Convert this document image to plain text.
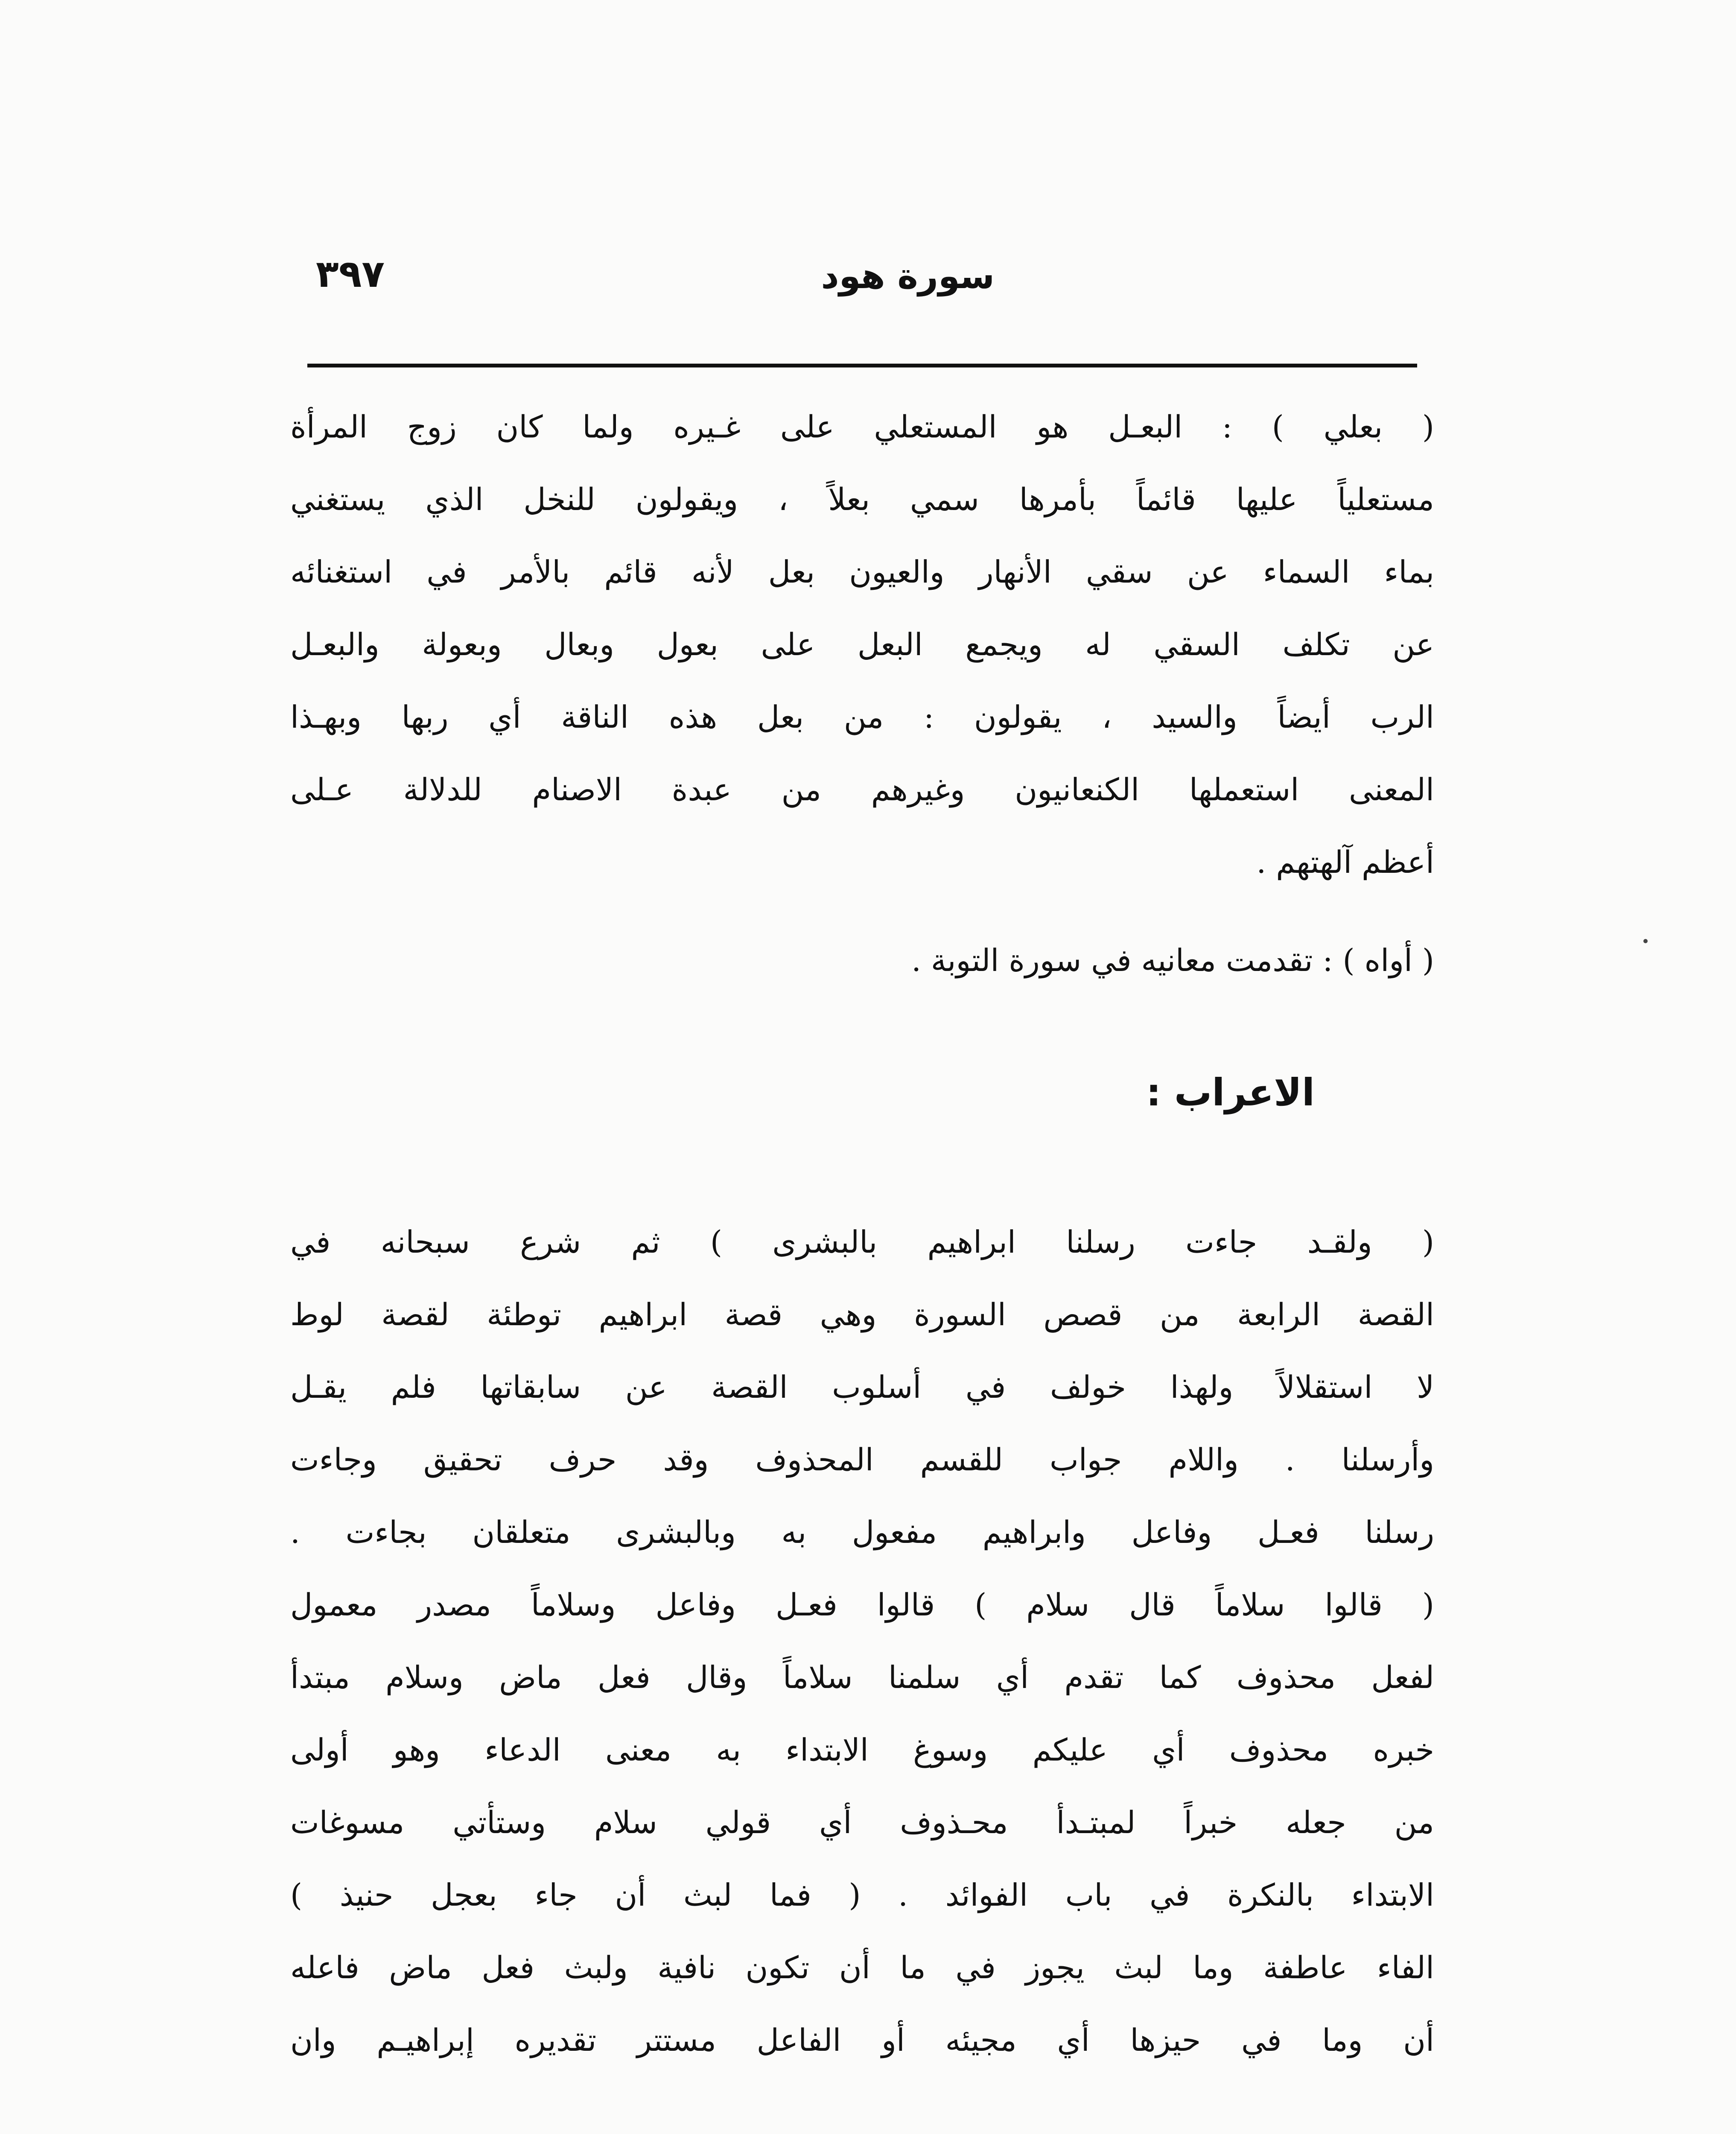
سورة هود
٣٩٧
( بعلي ) : البعـل هو المستعلي على غـيره ولما كان زوج المرأة
مستعلياً عليها قائماً بأمرها سمي بعلاً ، ويقولون للنخل الذي يستغني
بماء السماء عن سقي الأنهار والعيون بعل لأنه قائم بالأمر في استغنائه
عن تكلف السقي له ويجمع البعل على بعول وبعال وبعولة والبعـل
الرب أيضاً والسيد ، يقولون : من بعل هذه الناقة أي ربها وبهـذا
المعنى استعملها الكنعانيون وغيرهم من عبدة الاصنام للدلالة عـلى
أعظم آلهتهم .
( أواه ) : تقدمت معانيه في سورة التوبة .
الاعراب :
( ولقـد جاءت رسلنا ابراهيم بالبشرى ) ثم شرع سبحانه في
القصة الرابعة من قصص السورة وهي قصة ابراهيم توطئة لقصة لوط
لا استقلالاً ولهذا خولف في أسلوب القصة عن سابقاتها فلم يقـل
وأرسلنا . واللام جواب للقسم المحذوف وقد حرف تحقيق وجاءت
رسلنا فعـل وفاعل وابراهيم مفعول به وبالبشرى متعلقان بجاءت .
( قالوا سلاماً قال سلام ) قالوا فعـل وفاعل وسلاماً مصدر معمول
لفعل محذوف كما تقدم أي سلمنا سلاماً وقال فعل ماض وسلام مبتدأ
خبره محذوف أي عليكم وسوغ الابتداء به معنى الدعاء وهو أولى
من جعله خبراً لمبتـدأ محـذوف أي قولي سلام وستأتي مسوغات
الابتداء بالنكرة في باب الفوائد . ( فما لبث أن جاء بعجل حنيذ )
الفاء عاطفة وما لبث يجوز في ما أن تكون نافية ولبث فعل ماض فاعله
أن وما في حيزها أي مجيئه أو الفاعل مستتر تقديره إبراهيـم وان
